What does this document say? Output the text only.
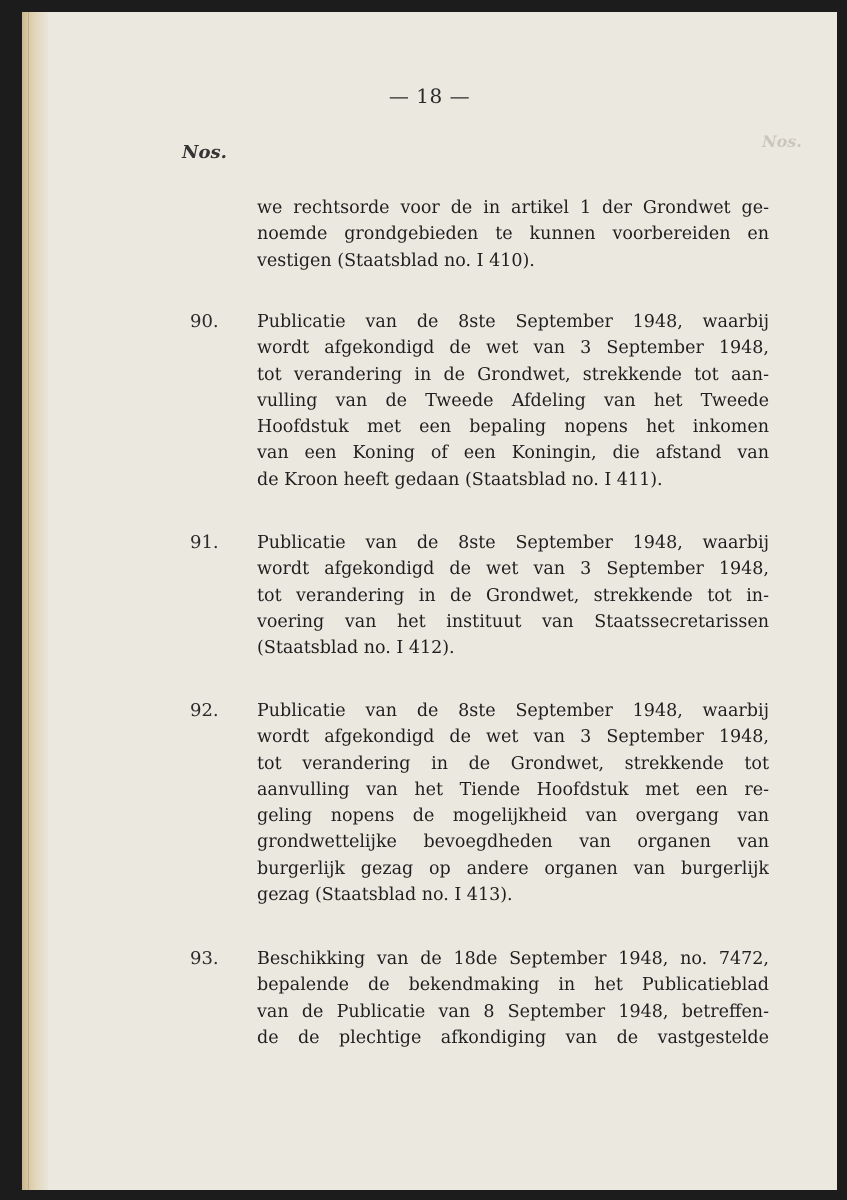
Nos.
— 18 —
Nos.
we rechtsorde voor de in artikel 1 der Grondwet ge-
noemde grondgebieden te kunnen voorbereiden en
vestigen (Staatsblad no. I 410).
90. Publicatie van de 8ste September 1948, waarbij
wordt afgekondigd de wet van 3 September 1948,
tot verandering in de Grondwet, strekkende tot aan-
vulling van de Tweede Afdeling van het Tweede
Hoofdstuk met een bepaling nopens het inkomen
van een Koning of een Koningin, die afstand van
de Kroon heeft gedaan (Staatsblad no. I 411).
91. Publicatie van de 8ste September 1948, waarbij
wordt afgekondigd de wet van 3 September 1948,
tot verandering in de Grondwet, strekkende tot in-
voering van het instituut van Staatssecretarissen
(Staatsblad no. I 412).
92. Publicatie van de 8ste September 1948, waarbij
wordt afgekondigd de wet van 3 September 1948,
tot verandering in de Grondwet, strekkende tot
aanvulling van het Tiende Hoofdstuk met een re-
geling nopens de mogelijkheid van overgang van
grondwettelijke bevoegdheden van organen van
burgerlijk gezag op andere organen van burgerlijk
gezag (Staatsblad no. I 413).
93. Beschikking van de 18de September 1948, no. 7472,
bepalende de bekendmaking in het Publicatieblad
van de Publicatie van 8 September 1948, betreffen-
de de plechtige afkondiging van de vastgestelde
